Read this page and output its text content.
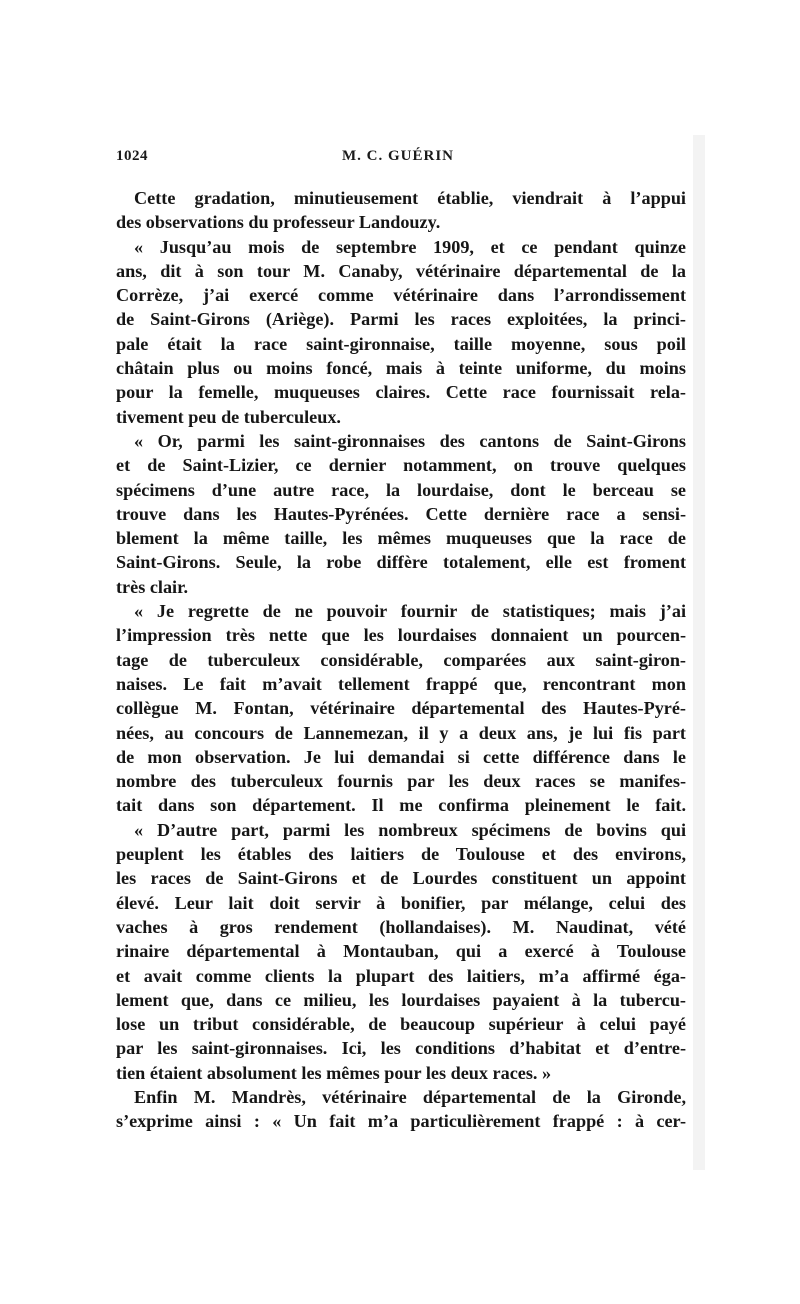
1024	M. C. GUÉRIN
Cette gradation, minutieusement établie, viendrait à l’appui
des observations du professeur Landouzy.
« Jusqu’au mois de septembre 1909, et ce pendant quinze
ans, dit à son tour M. Canaby, vétérinaire départemental de la
Corrèze, j’ai exercé comme vétérinaire dans l’arrondissement
de Saint-Girons (Ariège). Parmi les races exploitées, la princi-
pale était la race saint-gironnaise, taille moyenne, sous poil
châtain plus ou moins foncé, mais à teinte uniforme, du moins
pour la femelle, muqueuses claires. Cette race fournissait rela-
tivement peu de tuberculeux.
« Or, parmi les saint-gironnaises des cantons de Saint-Girons
et de Saint-Lizier, ce dernier notamment, on trouve quelques
spécimens d’une autre race, la lourdaise, dont le berceau se
trouve dans les Hautes-Pyrénées. Cette dernière race a sensi-
blement la même taille, les mêmes muqueuses que la race de
Saint-Girons. Seule, la robe diffère totalement, elle est froment
très clair.
« Je regrette de ne pouvoir fournir de statistiques; mais j’ai
l’impression très nette que les lourdaises donnaient un pourcen-
tage de tuberculeux considérable, comparées aux saint-giron-
naises. Le fait m’avait tellement frappé que, rencontrant mon
collègue M. Fontan, vétérinaire départemental des Hautes-Pyré-
nées, au concours de Lannemezan, il y a deux ans, je lui fis part
de mon observation. Je lui demandai si cette différence dans le
nombre des tuberculeux fournis par les deux races se manifes-
tait dans son département. Il me confirma pleinement le fait.
« D’autre part, parmi les nombreux spécimens de bovins qui
peuplent les étables des laitiers de Toulouse et des environs,
les races de Saint-Girons et de Lourdes constituent un appoint
élevé. Leur lait doit servir à bonifier, par mélange, celui des
vaches à gros rendement (hollandaises). M. Naudinat, vété
rinaire départemental à Montauban, qui a exercé à Toulouse
et avait comme clients la plupart des laitiers, m’a affirmé éga-
lement que, dans ce milieu, les lourdaises payaient à la tubercu-
lose un tribut considérable, de beaucoup supérieur à celui payé
par les saint-gironnaises. Ici, les conditions d’habitat et d’entre-
tien étaient absolument les mêmes pour les deux races. »
Enfin M. Mandrès, vétérinaire départemental de la Gironde,
s’exprime ainsi : « Un fait m’a particulièrement frappé : à cer-
